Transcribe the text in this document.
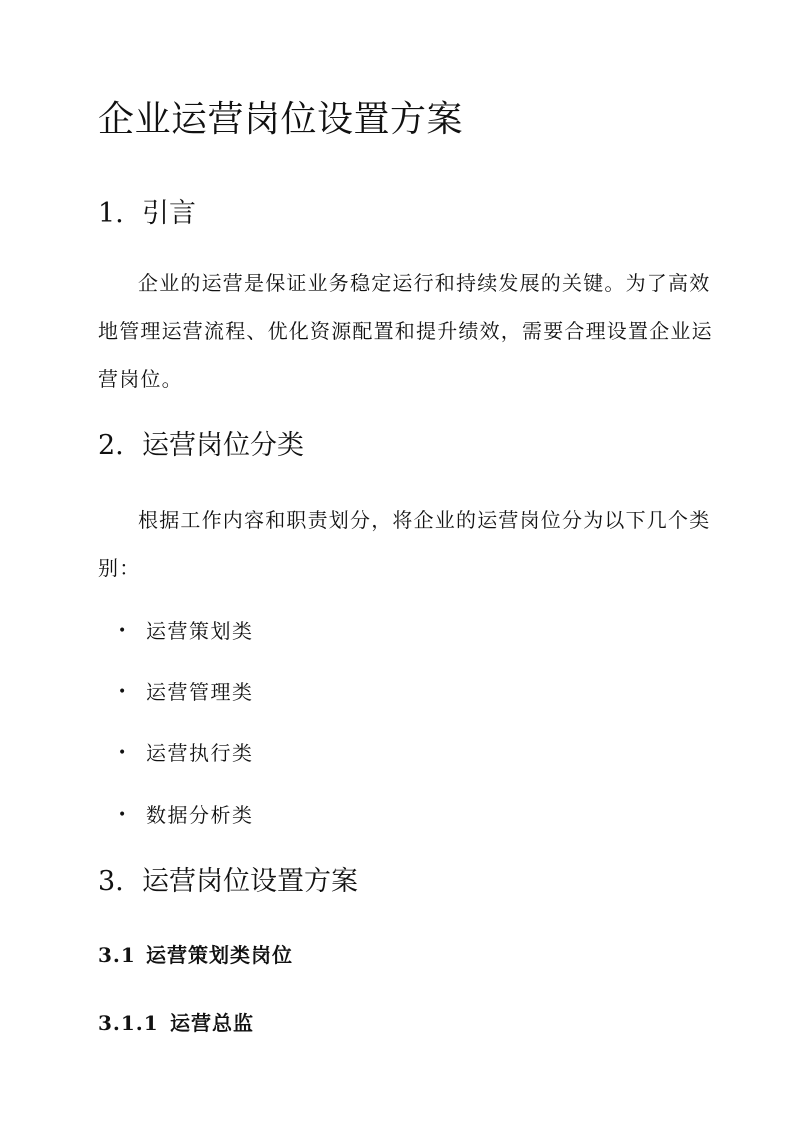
企业运营岗位设置方案
1. 引言
企业的运营是保证业务稳定运行和持续发展的关键。为了高效
地管理运营流程、优化资源配置和提升绩效，需要合理设置企业运
营岗位。
2. 运营岗位分类
根据工作内容和职责划分，将企业的运营岗位分为以下几个类
别：
• 运营策划类
• 运营管理类
• 运营执行类
• 数据分析类
3. 运营岗位设置方案
3.1 运营策划类岗位
3.1.1 运营总监
